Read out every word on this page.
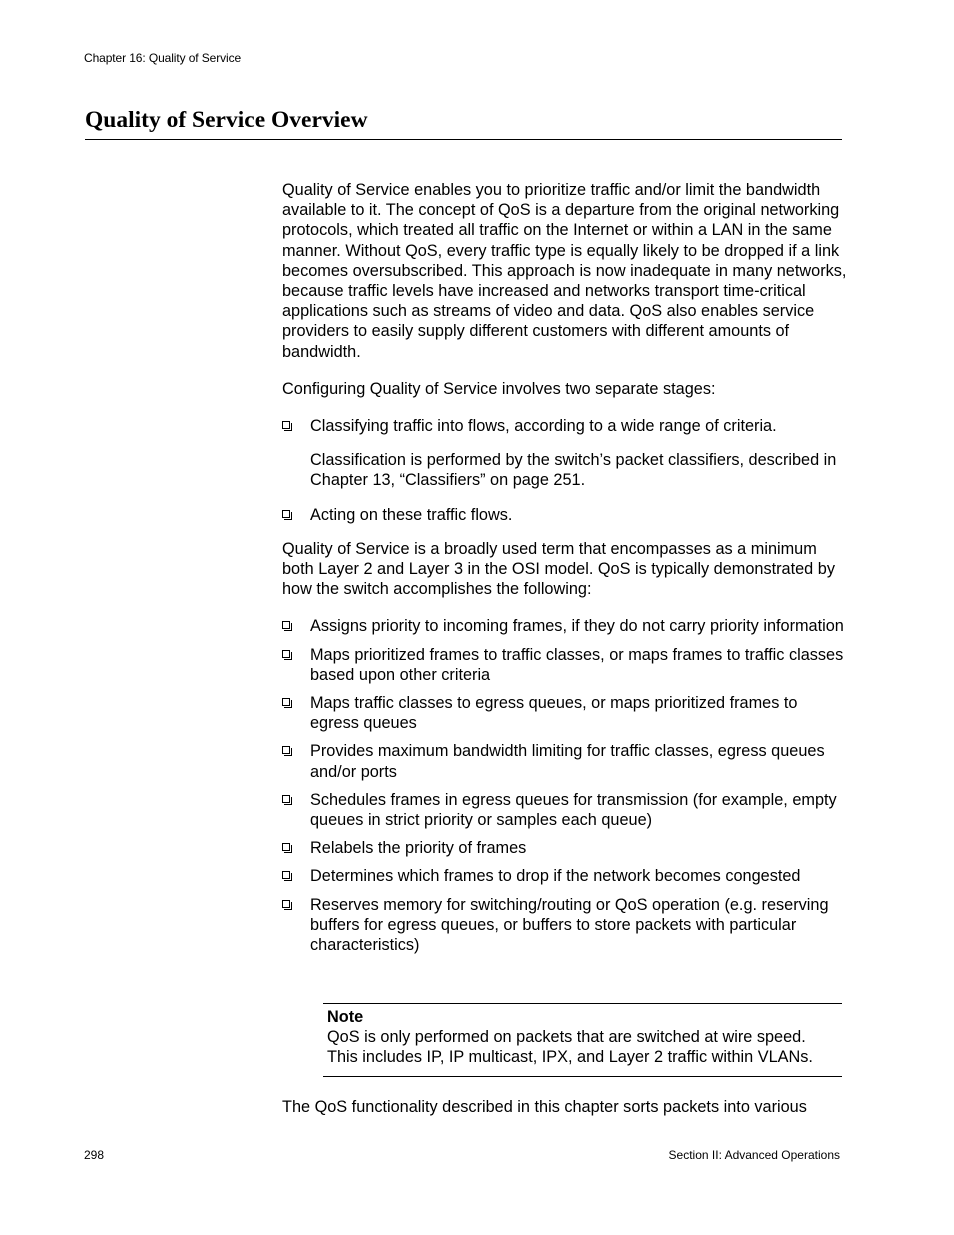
Chapter 16: Quality of Service
Quality of Service Overview

Quality of Service enables you to prioritize traffic and/or limit the bandwidth available to it. The concept of QoS is a departure from the original networking protocols, which treated all traffic on the Internet or within a LAN in the same manner. Without QoS, every traffic type is equally likely to be dropped if a link becomes oversubscribed. This approach is now inadequate in many networks, because traffic levels have increased and networks transport time-critical applications such as streams of video and data. QoS also enables service providers to easily supply different customers with different amounts of bandwidth.

Configuring Quality of Service involves two separate stages:

Classifying traffic into flows, according to a wide range of criteria.

Classification is performed by the switch’s packet classifiers, described in Chapter 13, “Classifiers” on page 251.

Acting on these traffic flows.

Quality of Service is a broadly used term that encompasses as a minimum both Layer 2 and Layer 3 in the OSI model. QoS is typically demonstrated by how the switch accomplishes the following:

Assigns priority to incoming frames, if they do not carry priority information
Maps prioritized frames to traffic classes, or maps frames to traffic classes based upon other criteria
Maps traffic classes to egress queues, or maps prioritized frames to egress queues
Provides maximum bandwidth limiting for traffic classes, egress queues and/or ports
Schedules frames in egress queues for transmission (for example, empty queues in strict priority or samples each queue)
Relabels the priority of frames
Determines which frames to drop if the network becomes congested
Reserves memory for switching/routing or QoS operation (e.g. reserving buffers for egress queues, or buffers to store packets with particular characteristics)
Note
QoS is only performed on packets that are switched at wire speed.
This includes IP, IP multicast, IPX, and Layer 2 traffic within VLANs.
The QoS functionality described in this chapter sorts packets into various
298	Section II: Advanced Operations
